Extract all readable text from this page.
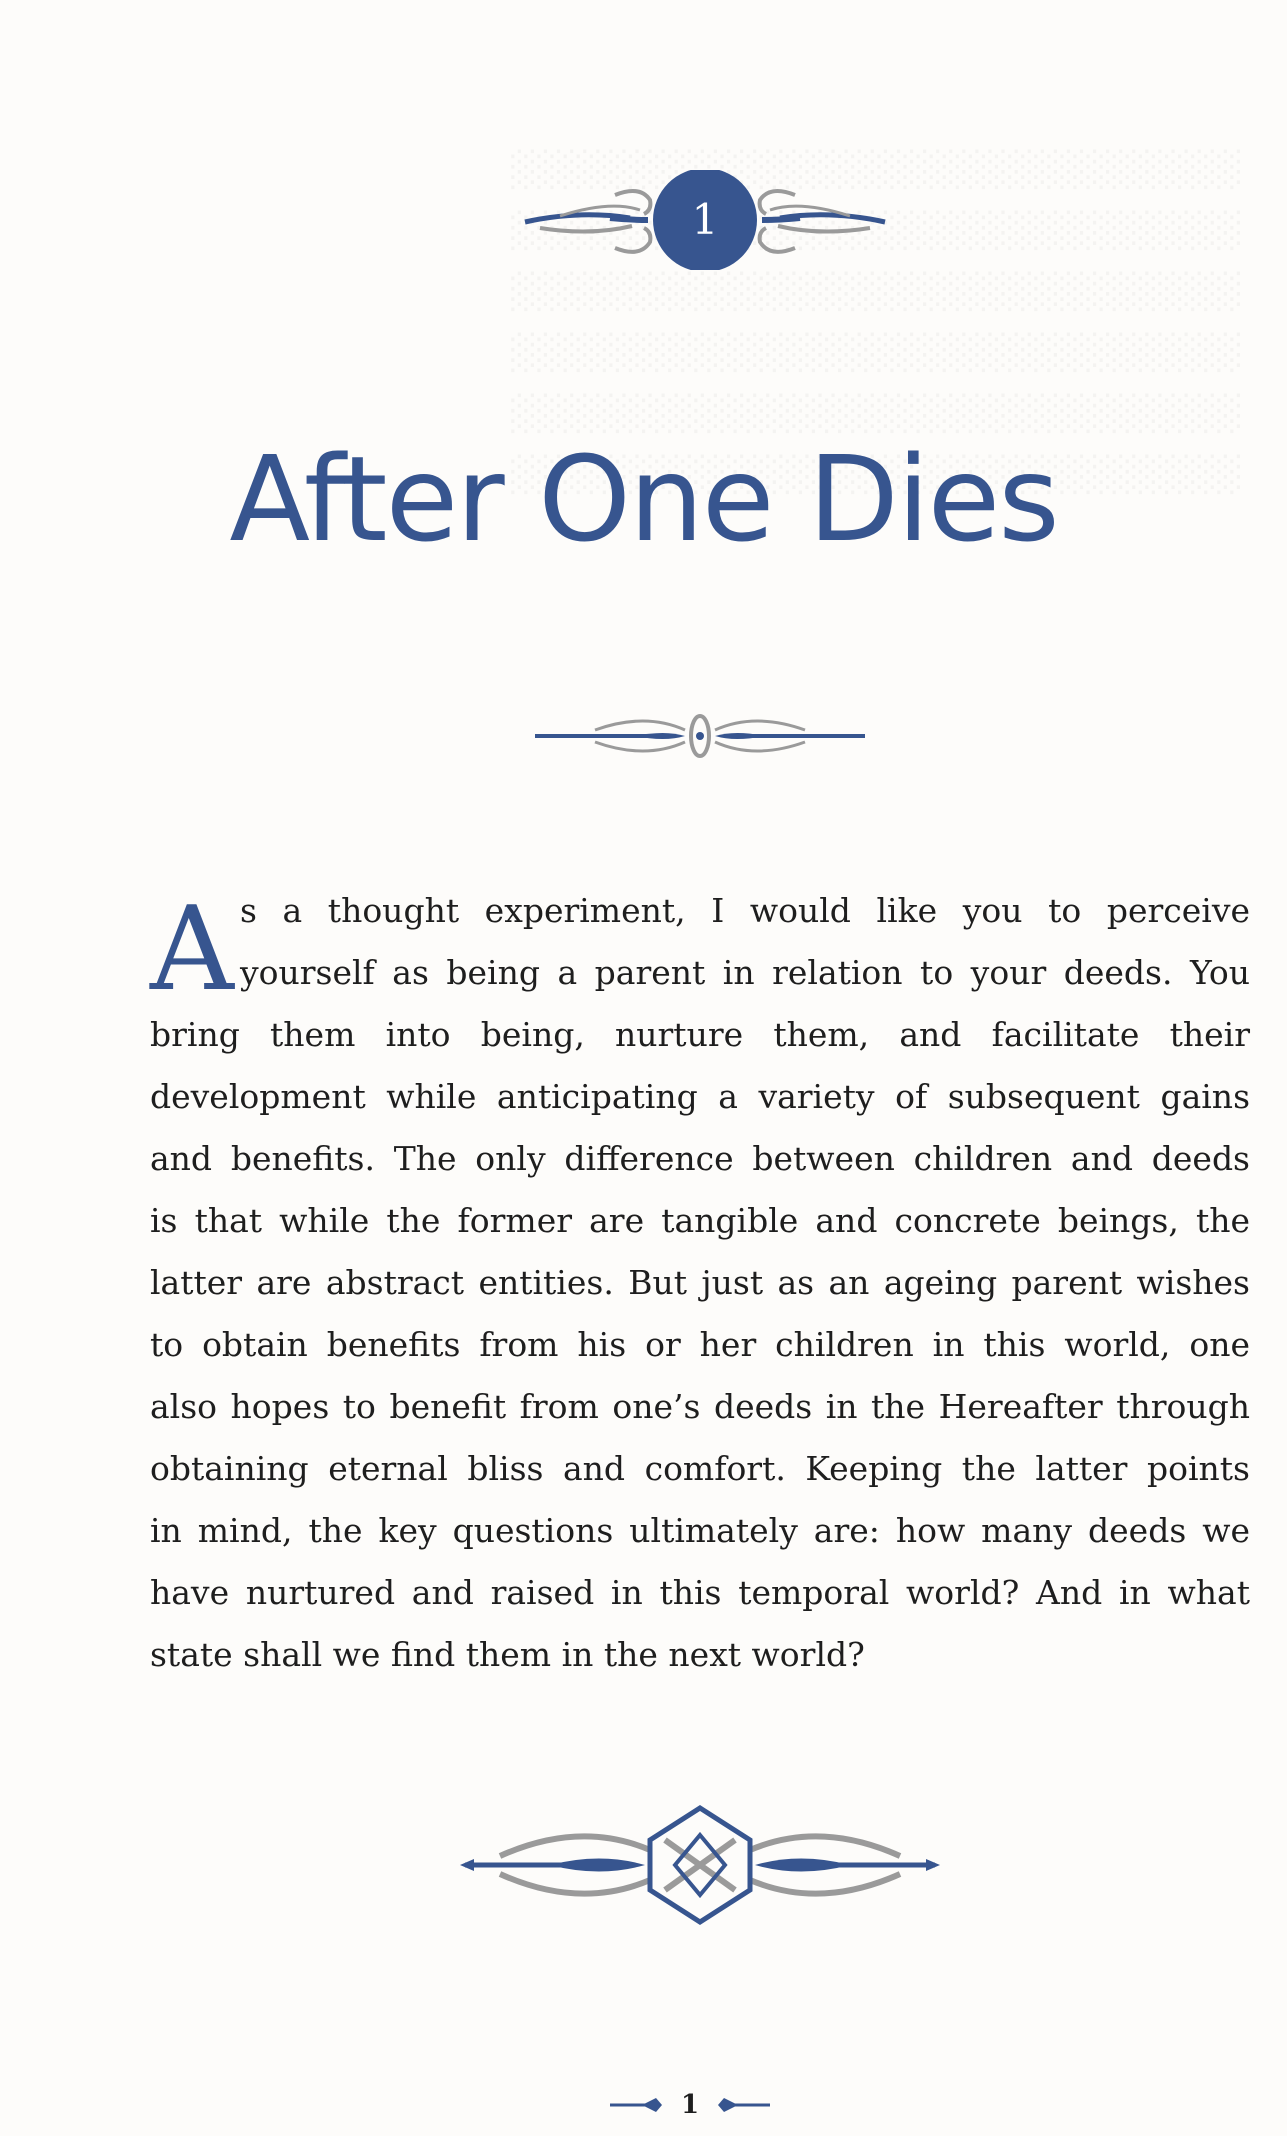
1
After One Dies
A s a thought experiment, I would like you to perceive
yourself as being a parent in relation to your deeds. You
bring them into being, nurture them, and facilitate their
development while anticipating a variety of subsequent gains
and benefits. The only difference between children and deeds
is that while the former are tangible and concrete beings, the
latter are abstract entities. But just as an ageing parent wishes
to obtain benefits from his or her children in this world, one
also hopes to benefit from one’s deeds in the Hereafter through
obtaining eternal bliss and comfort. Keeping the latter points
in mind, the key questions ultimately are: how many deeds we
have nurtured and raised in this temporal world? And in what
state shall we find them in the next world?
1
